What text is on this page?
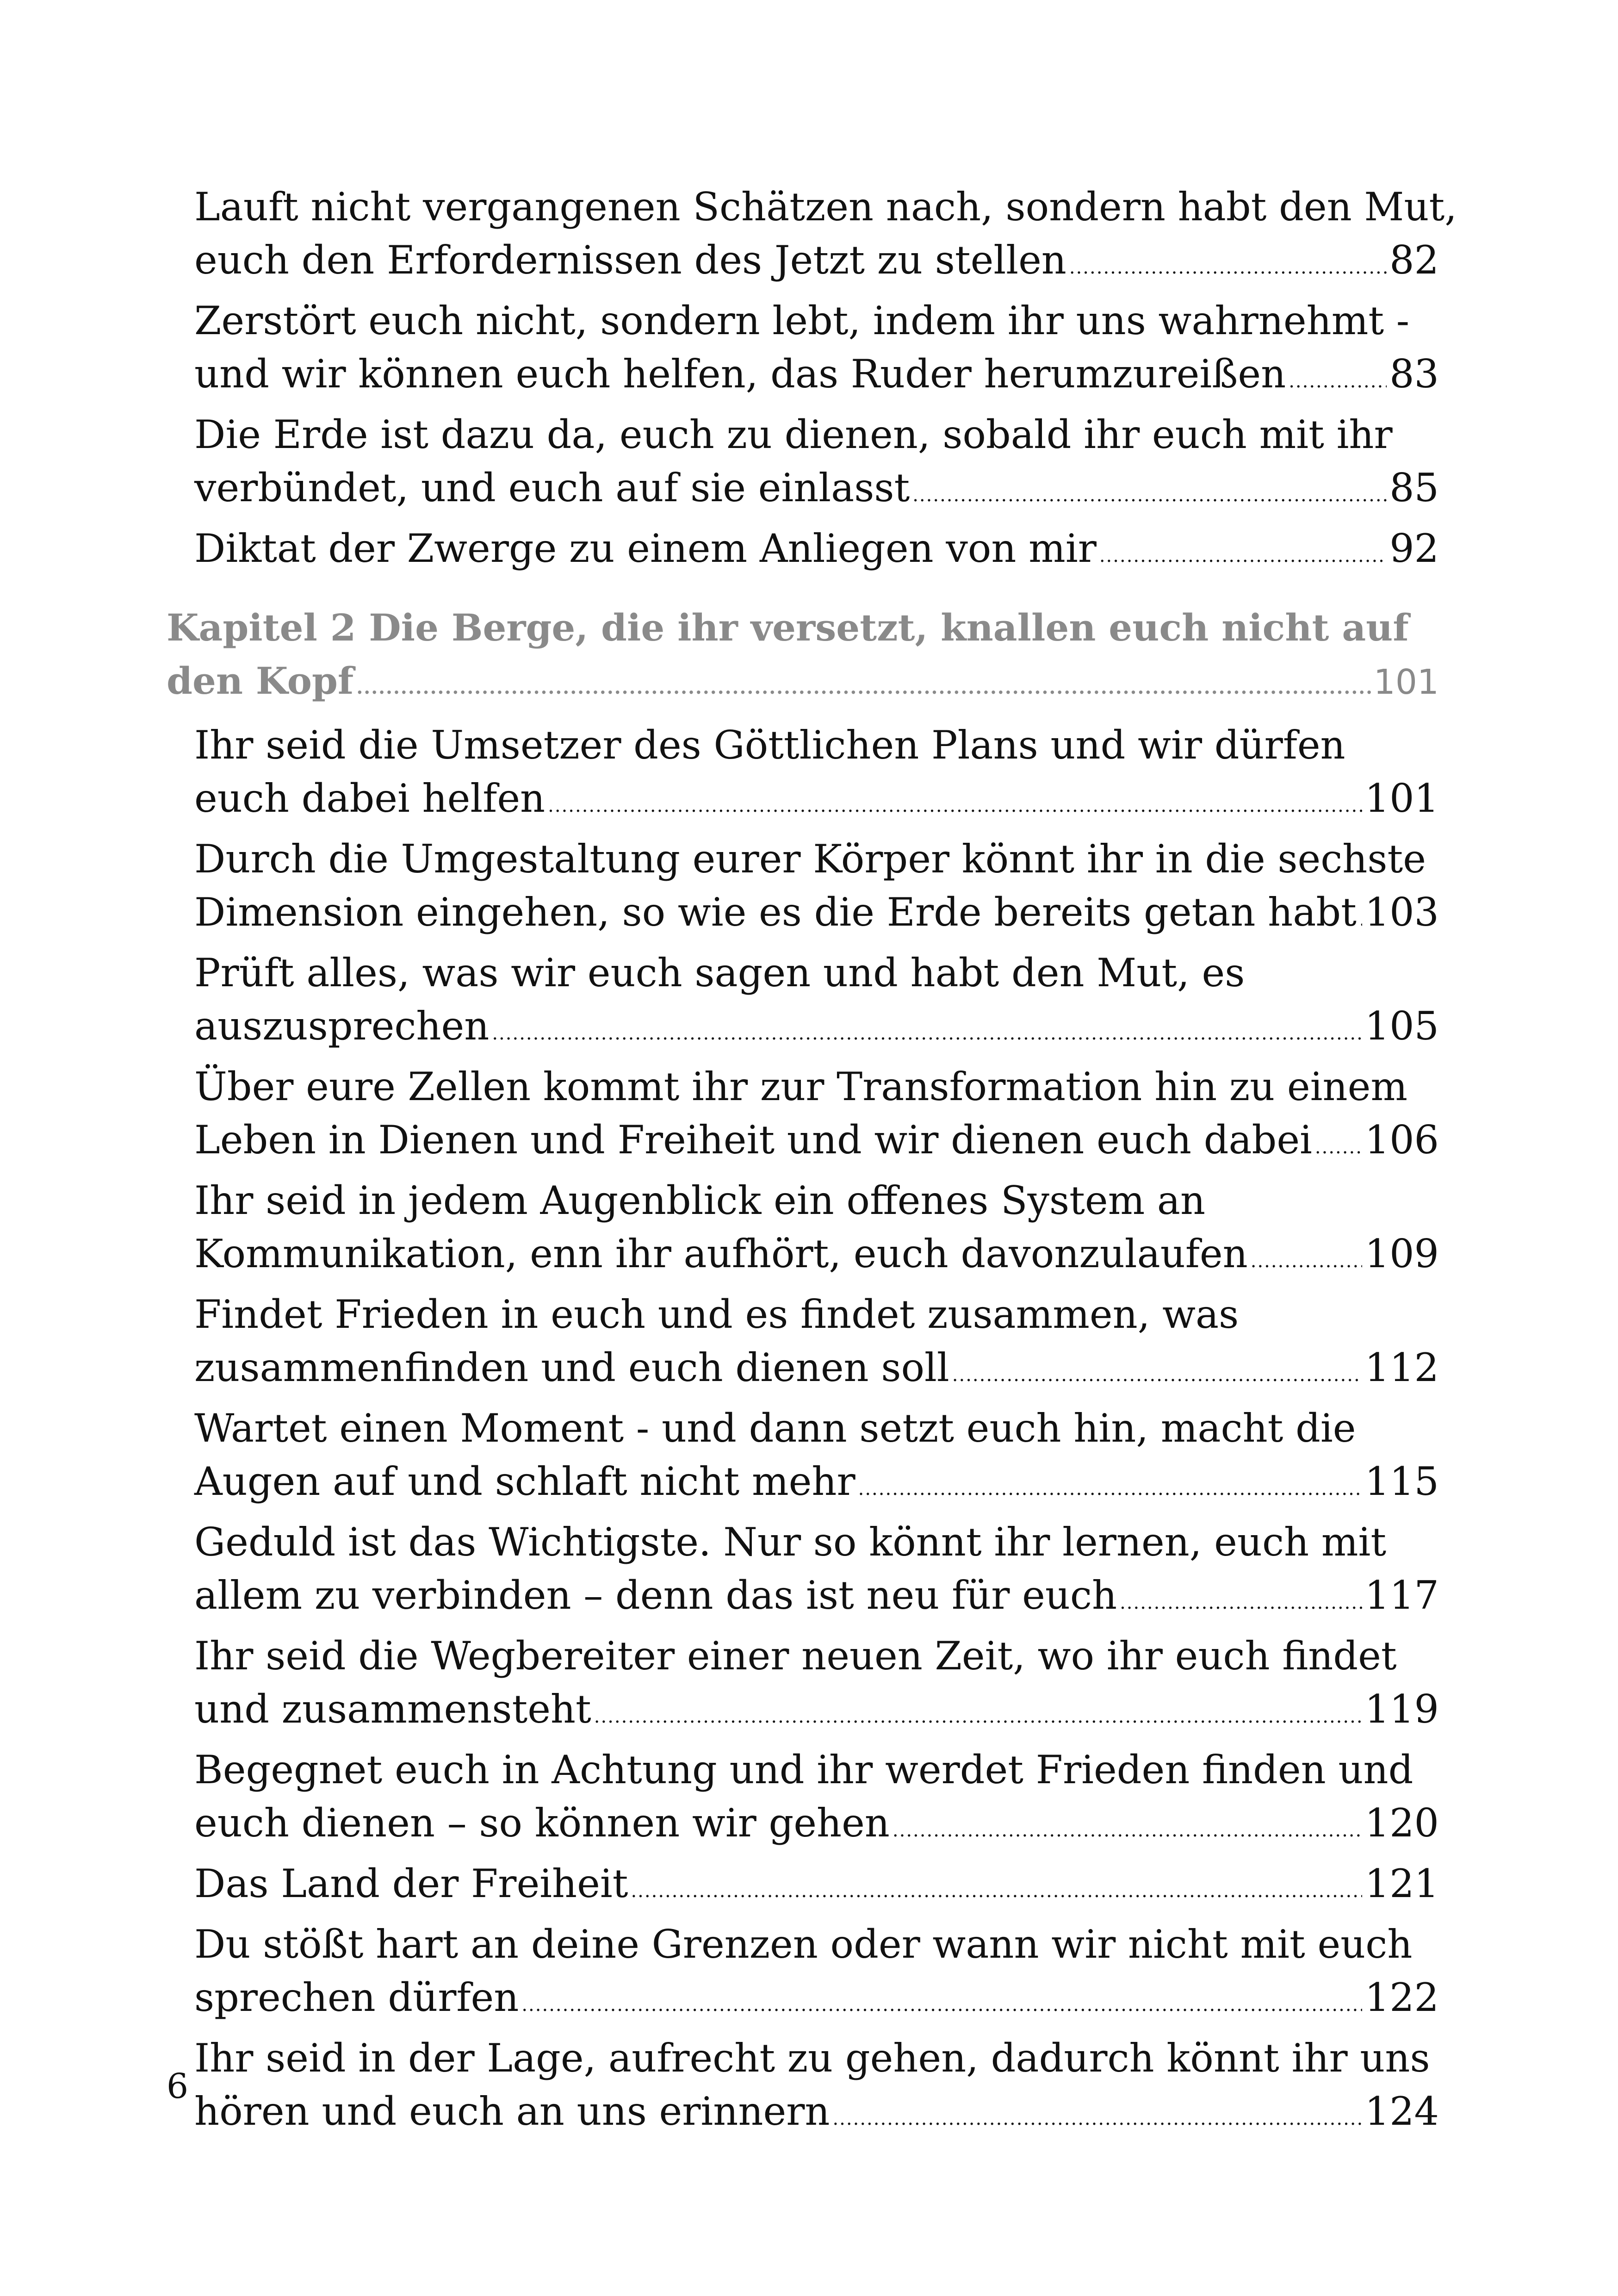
Lauft nicht vergangenen Schätzen nach, sondern habt den Mut,
euch den Erfordernissen des Jetzt zu stellen .....	82
Zerstört euch nicht, sondern lebt, indem ihr uns wahrnehmt -
und wir können euch helfen, das Ruder herumzureißen .....	83
Die Erde ist dazu da, euch zu dienen, sobald ihr euch mit ihr
verbündet, und euch auf sie einlasst .....	85
Diktat der Zwerge zu einem Anliegen von mir .....	92
Kapitel 2 Die Berge, die ihr versetzt, knallen euch nicht auf
den Kopf .....	101
Ihr seid die Umsetzer des Göttlichen Plans und wir dürfen
euch dabei helfen .....	101
Durch die Umgestaltung eurer Körper könnt ihr in die sechste
Dimension eingehen, so wie es die Erde bereits getan habt ..... 103
Prüft alles, was wir euch sagen und habt den Mut, es
auszusprechen .....	105
Über eure Zellen kommt ihr zur Transformation hin zu einem
Leben in Dienen und Freiheit und wir dienen euch dabei ..... 106
Ihr seid in jedem Augenblick ein offenes System an
Kommunikation, enn ihr aufhört, euch davonzulaufen .....	109
Findet Frieden in euch und es findet zusammen, was
zusammenfinden und euch dienen soll .....	112
Wartet einen Moment - und dann setzt euch hin, macht die
Augen auf und schlaft nicht mehr .....	115
Geduld ist das Wichtigste. Nur so könnt ihr lernen, euch mit
allem zu verbinden – denn das ist neu für euch .....	117
Ihr seid die Wegbereiter einer neuen Zeit, wo ihr euch findet
und zusammensteht .....	119
Begegnet euch in Achtung und ihr werdet Frieden finden und
euch dienen – so können wir gehen .....	120
Das Land der Freiheit .....	121
Du stößt hart an deine Grenzen oder wann wir nicht mit euch
sprechen dürfen .....	122
Ihr seid in der Lage, aufrecht zu gehen, dadurch könnt ihr uns
hören und euch an uns erinnern .....	124
6
